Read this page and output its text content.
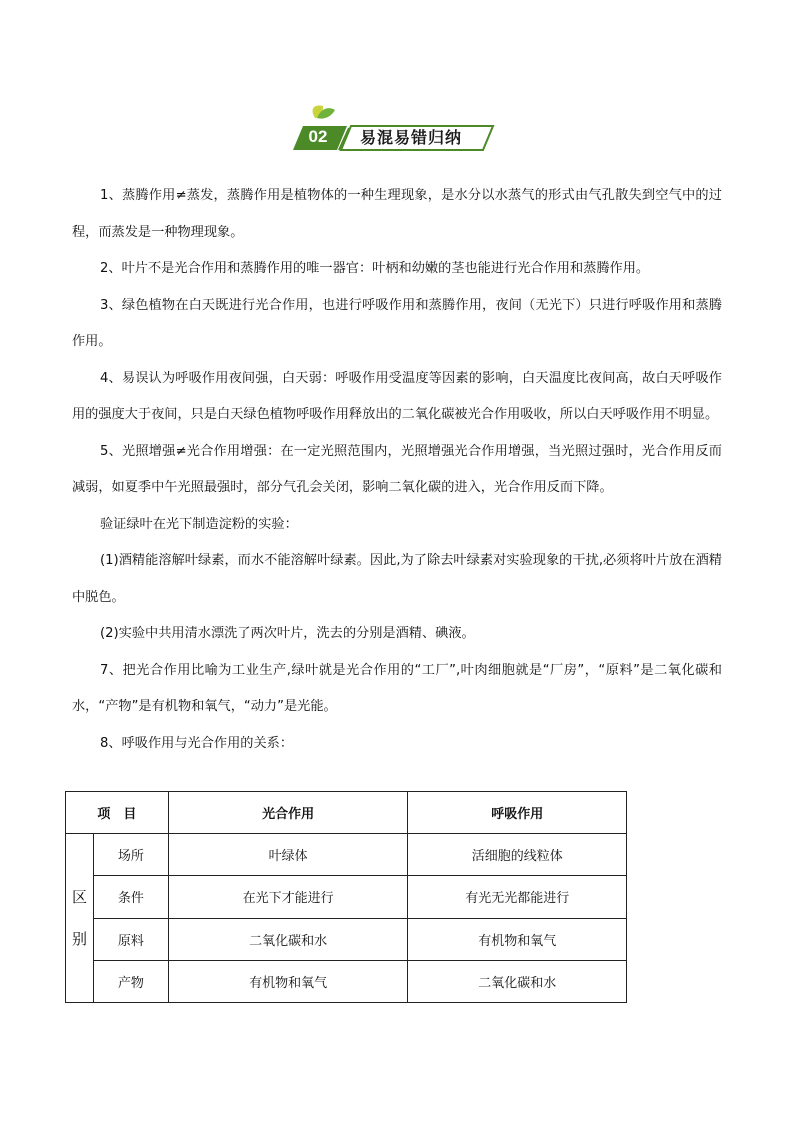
02	易混易错归纳

1、蒸腾作用≠蒸发，蒸腾作用是植物体的一种生理现象，是水分以水蒸气的形式由气孔散失到空气中的过程，而蒸发是一种物理现象。

2、叶片不是光合作用和蒸腾作用的唯一器官：叶柄和幼嫩的茎也能进行光合作用和蒸腾作用。

3、绿色植物在白天既进行光合作用，也进行呼吸作用和蒸腾作用，夜间（无光下）只进行呼吸作用和蒸腾作用。

4、易误认为呼吸作用夜间强，白天弱：呼吸作用受温度等因素的影响，白天温度比夜间高，故白天呼吸作用的强度大于夜间，只是白天绿色植物呼吸作用释放出的二氧化碳被光合作用吸收，所以白天呼吸作用不明显。

5、光照增强≠光合作用增强：在一定光照范围内，光照增强光合作用增强，当光照过强时，光合作用反而减弱，如夏季中午光照最强时，部分气孔会关闭，影响二氧化碳的进入，光合作用反而下降。

验证绿叶在光下制造淀粉的实验：

(1)酒精能溶解叶绿素，而水不能溶解叶绿素。因此,为了除去叶绿素对实验现象的干扰,必须将叶片放在酒精中脱色。

(2)实验中共用清水漂洗了两次叶片，洗去的分别是酒精、碘液。

7、把光合作用比喻为工业生产,绿叶就是光合作用的“工厂”,叶肉细胞就是“厂房”，“原料”是二氧化碳和水，“产物”是有机物和氧气，“动力”是光能。

8、呼吸作用与光合作用的关系：

项　目		光合作用	呼吸作用

区
别	场所	叶绿体	活细胞的线粒体
	条件	在光下才能进行	有光无光都能进行
	原料	二氧化碳和水	有机物和氧气
	产物	有机物和氧气	二氧化碳和水
